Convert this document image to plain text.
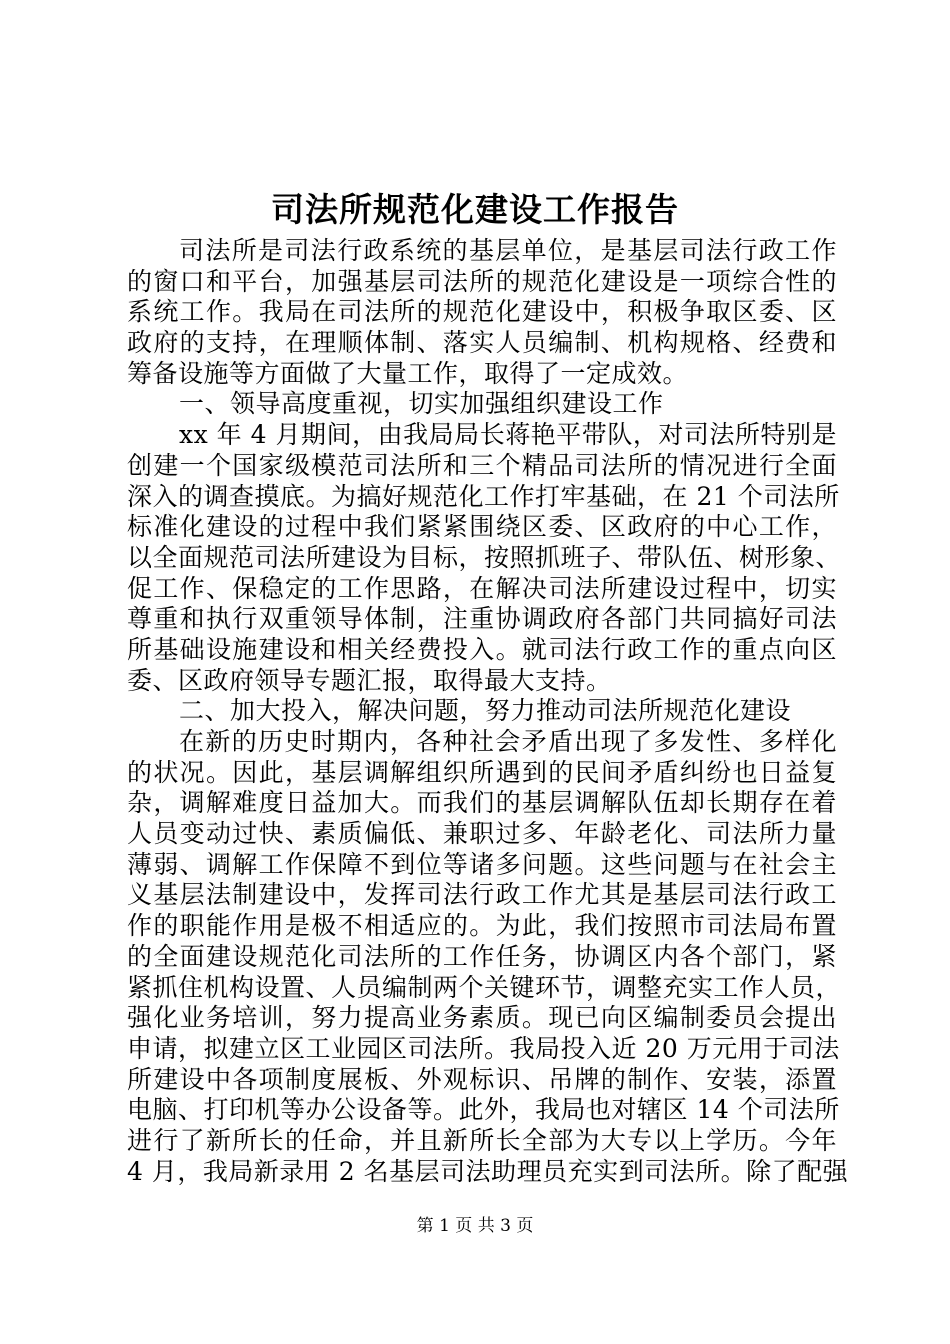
司法所规范化建设工作报告
司法所是司法行政系统的基层单位，是基层司法行政工作
的窗口和平台，加强基层司法所的规范化建设是一项综合性的
系统工作。我局在司法所的规范化建设中，积极争取区委、区
政府的支持，在理顺体制、落实人员编制、机构规格、经费和
筹备设施等方面做了大量工作，取得了一定成效。
一、领导高度重视，切实加强组织建设工作
xx 年 4 月期间，由我局局长蒋艳平带队，对司法所特别是
创建一个国家级模范司法所和三个精品司法所的情况进行全面
深入的调查摸底。为搞好规范化工作打牢基础，在 21 个司法所
标准化建设的过程中我们紧紧围绕区委、区政府的中心工作，
以全面规范司法所建设为目标，按照抓班子、带队伍、树形象、
促工作、保稳定的工作思路，在解决司法所建设过程中，切实
尊重和执行双重领导体制，注重协调政府各部门共同搞好司法
所基础设施建设和相关经费投入。就司法行政工作的重点向区
委、区政府领导专题汇报，取得最大支持。
二、加大投入，解决问题，努力推动司法所规范化建设
在新的历史时期内，各种社会矛盾出现了多发性、多样化
的状况。因此，基层调解组织所遇到的民间矛盾纠纷也日益复
杂，调解难度日益加大。而我们的基层调解队伍却长期存在着
人员变动过快、素质偏低、兼职过多、年龄老化、司法所力量
薄弱、调解工作保障不到位等诸多问题。这些问题与在社会主
义基层法制建设中，发挥司法行政工作尤其是基层司法行政工
作的职能作用是极不相适应的。为此，我们按照市司法局布置
的全面建设规范化司法所的工作任务，协调区内各个部门，紧
紧抓住机构设置、人员编制两个关键环节，调整充实工作人员，
强化业务培训，努力提高业务素质。现已向区编制委员会提出
申请，拟建立区工业园区司法所。我局投入近 20 万元用于司法
所建设中各项制度展板、外观标识、吊牌的制作、安装，添置
电脑、打印机等办公设备等。此外，我局也对辖区 14 个司法所
进行了新所长的任命，并且新所长全部为大专以上学历。今年
4 月，我局新录用 2 名基层司法助理员充实到司法所。除了配强
第 1 页 共 3 页
